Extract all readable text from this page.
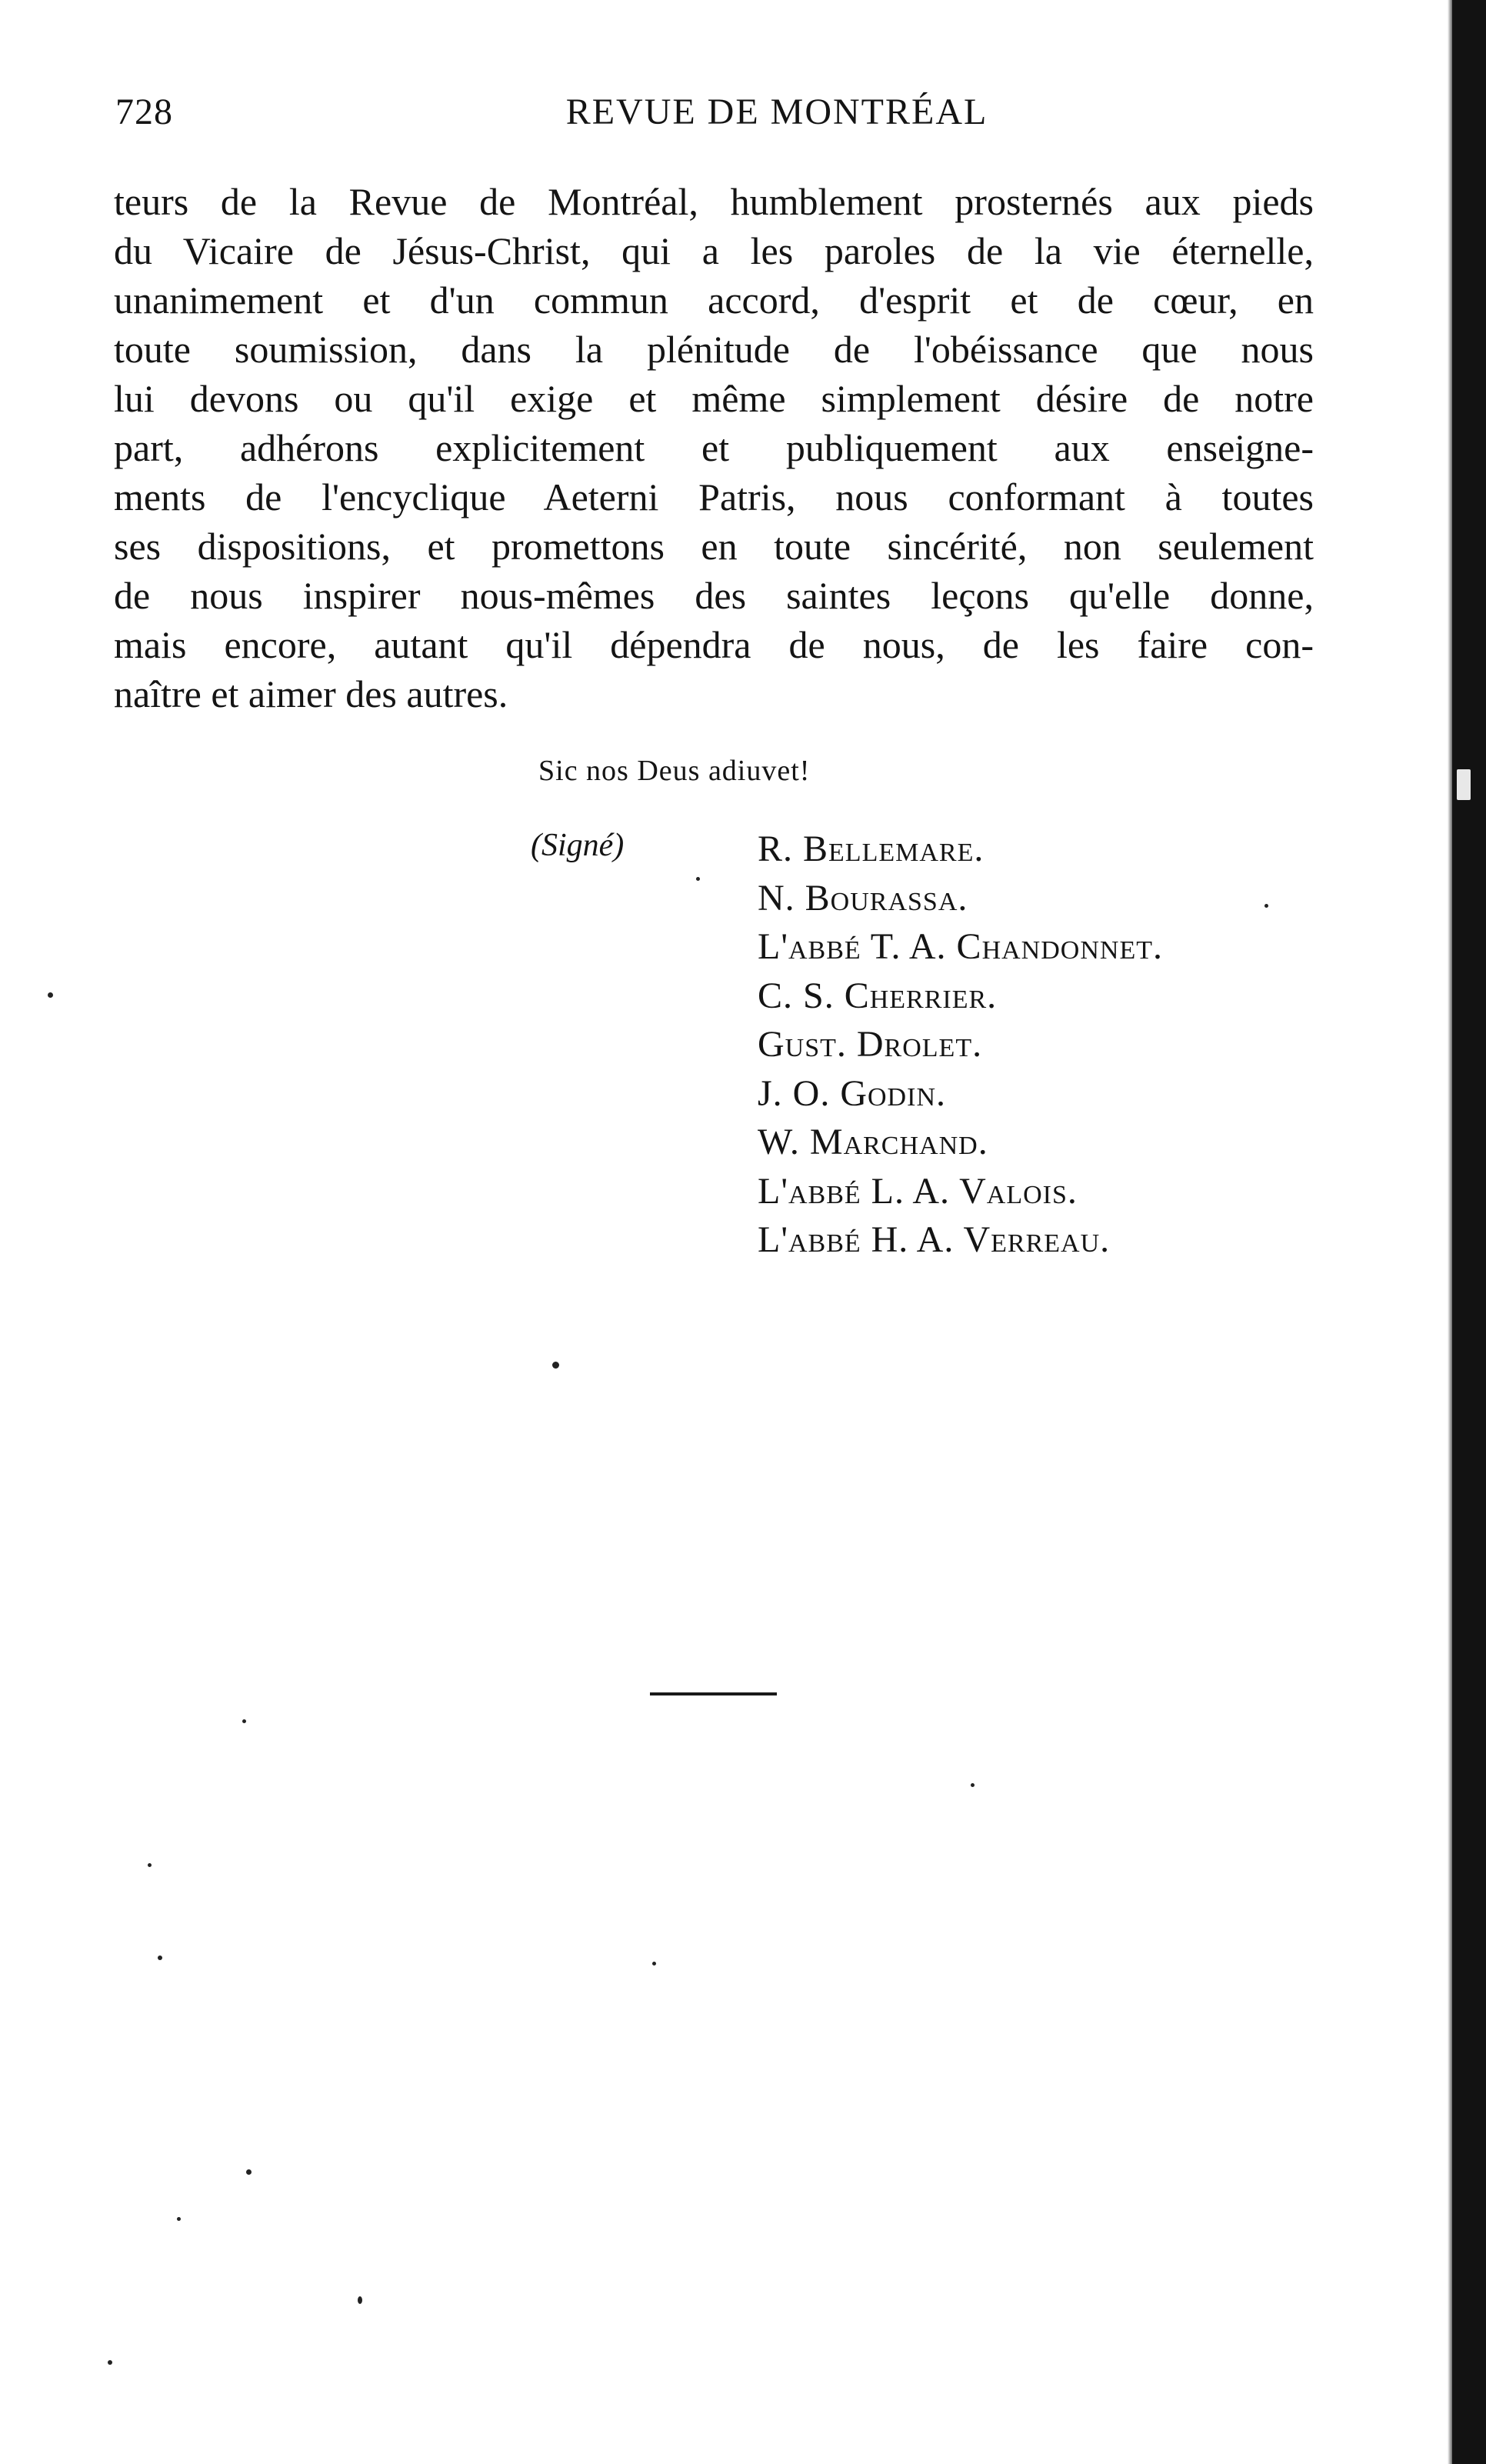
728	REVUE DE MONTRÉAL
teurs de la Revue de Montréal, humblement prosternés aux pieds
du Vicaire de Jésus-Christ, qui a les paroles de la vie éternelle,
unanimement et d'un commun accord, d'esprit et de cœur, en
toute soumission, dans la plénitude de l'obéissance que nous
lui devons ou qu'il exige et même simplement désire de notre
part, adhérons explicitement et publiquement aux enseigne-
ments de l'encyclique Aeterni Patris, nous conformant à toutes
ses dispositions, et promettons en toute sincérité, non seulement
de nous inspirer nous-mêmes des saintes leçons qu'elle donne,
mais encore, autant qu'il dépendra de nous, de les faire con-
naître et aimer des autres.
Sic nos Deus adiuvet!
(Signé)	R. Bellemare.
N. Bourassa.
L'abbé T. A. Chandonnet.
C. S. Cherrier.
Gust. Drolet.
J. O. Godin.
W. Marchand.
L'abbé L. A. Valois.
L'abbé H. A. Verreau.
